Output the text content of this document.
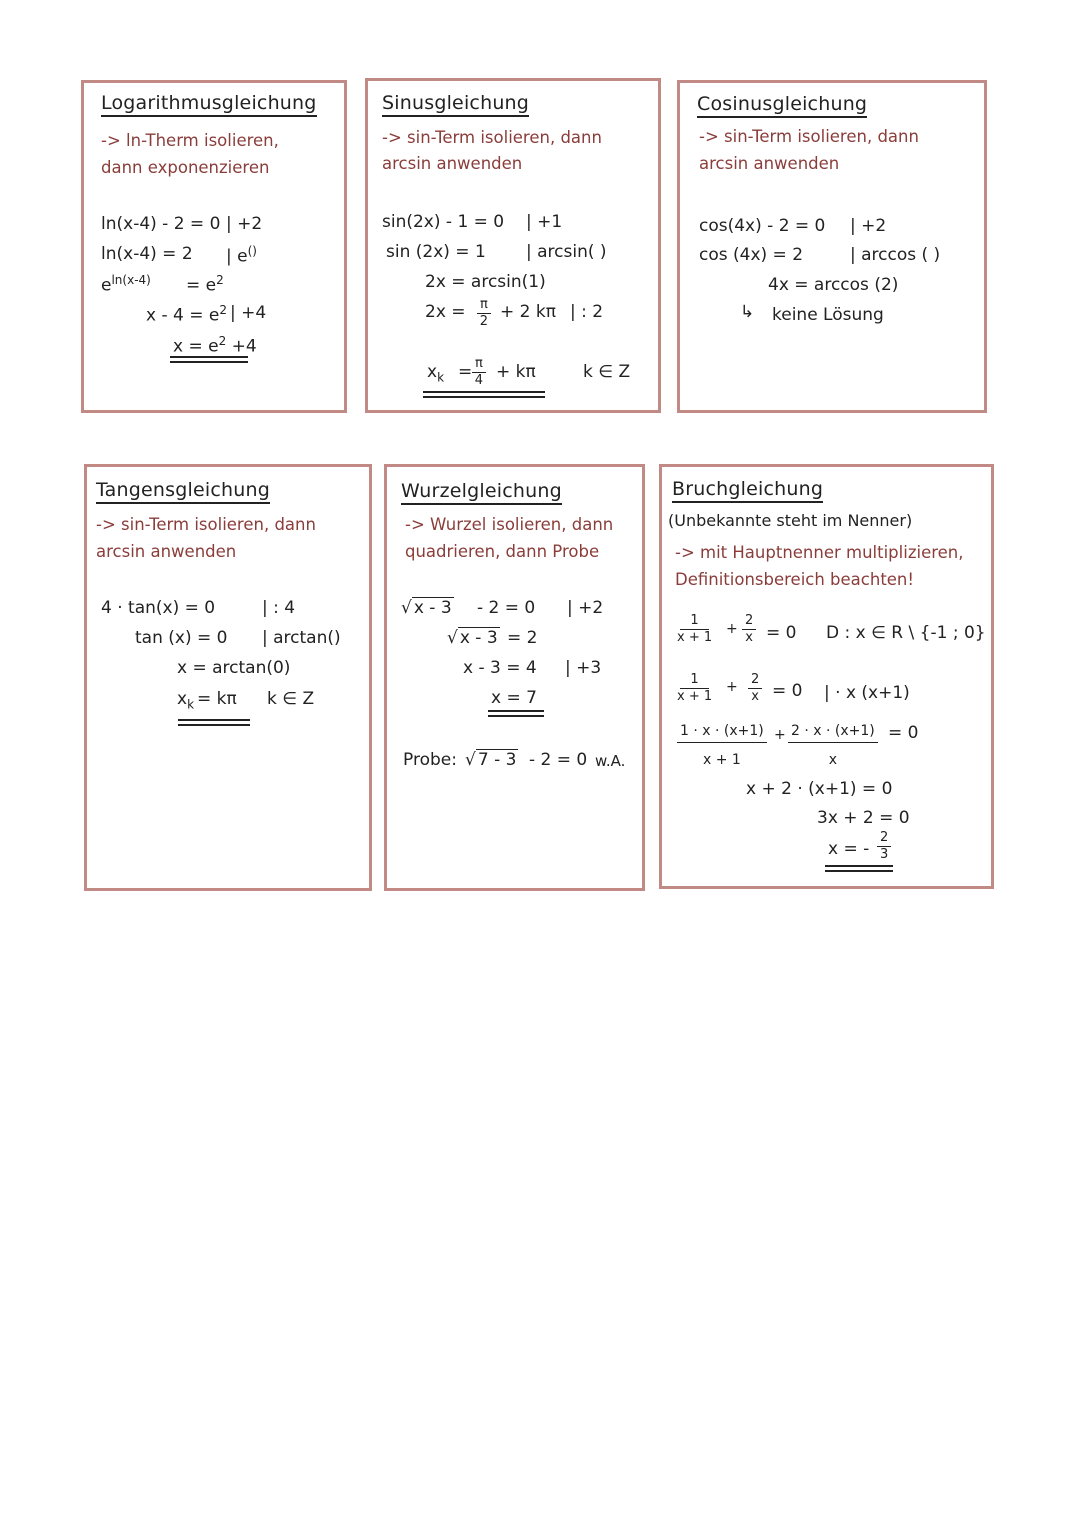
Logarithmusgleichung
-> ln-Therm isolieren,
dann exponenzieren
ln(x-4) - 2 = 0 | +2
ln(x-4) = 2 | e()
$e^{ln(x-4)} = e^2$
$x - 4 = e^2$ | +4
$x = e^2 +4$
Sinusgleichung
-> sin-Term isolieren, dann
arcsin anwenden
sin(2x) - 1 = 0 | +1
sin (2x) = 1 | arcsin( )
2x = arcsin(1)
$2x = \frac{\pi}{2} + 2$ kπ | : 2
$x_k = \frac{\pi}{4} + k\pi$	k ∈ Z
Cosinusgleichung
-> sin-Term isolieren, dann
arcsin anwenden
cos(4x) - 2 = 0 | +2
cos (4x) = 2	| arccos ( )
4x = arccos (2)
↳ keine Lösung
Tangensgleichung
-> sin-Term isolieren, dann
arcsin anwenden
4 · tan(x) = 0	| : 4
tan (x) = 0 | arctan()
x = arctan(0)
$x_k = k\pi$ k ∈ Z
Wurzelgleichung
-> Wurzel isolieren, dann
quadrieren, dann Probe
√ x - 3 - 2 = 0 | +2
√ x - 3 = 2
x - 3 = 4 | +3
x = 7
Probe: √ 7 - 3 - 2 = 0 w.A.
Bruchgleichung
(Unbekannte steht im Nenner)
-> mit Hauptnenner multiplizieren,
Definitionsbereich beachten!
$\frac{1}{x + 1} + \frac{2}{x} = 0$ D : x ∈ R \ {-1 ; 0}
$\frac{1}{x + 1} + \frac{2}{x} = 0$ | · x (x+1)
$\frac{1 \cdot x \cdot (x+1)}{x + 1} + \frac{2 \cdot x \cdot (x+1)}{x} = 0$
x + 2 · (x+1) = 0
3x + 2 = 0
x = - $\frac{2}{3}$
